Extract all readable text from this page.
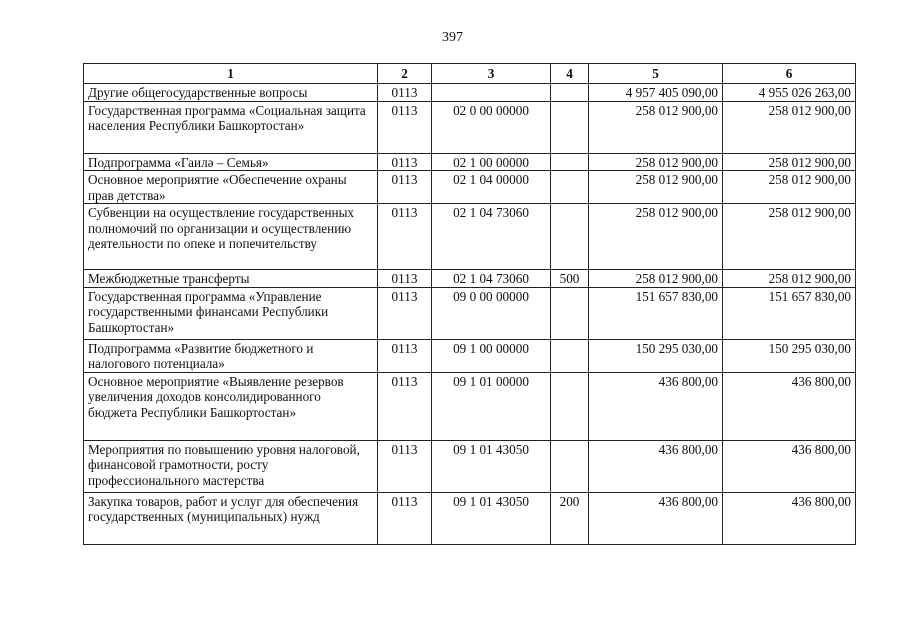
397
1	2	3	4	5	6
Другие общегосударственные вопросы	0113			4 957 405 090,00	4 955 026 263,00
Государственная программа «Социальная защита населения Республики Башкортостан»	0113	02 0 00 00000		258 012 900,00	258 012 900,00
Подпрограмма «Гаилә – Семья»	0113	02 1 00 00000		258 012 900,00	258 012 900,00
Основное мероприятие «Обеспечение охраны прав детства»	0113	02 1 04 00000		258 012 900,00	258 012 900,00
Субвенции на осуществление государственных полномочий по организации и осуществлению деятельности по опеке и попечительству	0113	02 1 04 73060		258 012 900,00	258 012 900,00
Межбюджетные трансферты	0113	02 1 04 73060	500	258 012 900,00	258 012 900,00
Государственная программа «Управление государственными финансами Республики Башкортостан»	0113	09 0 00 00000		151 657 830,00	151 657 830,00
Подпрограмма «Развитие бюджетного и налогового потенциала»	0113	09 1 00 00000		150 295 030,00	150 295 030,00
Основное мероприятие «Выявление резервов увеличения доходов консолидированного бюджета Республики Башкортостан»	0113	09 1 01 00000		436 800,00	436 800,00
Мероприятия по повышению уровня налоговой, финансовой грамотности, росту профессионального мастерства	0113	09 1 01 43050		436 800,00	436 800,00
Закупка товаров, работ и услуг для обеспечения государственных (муниципальных) нужд	0113	09 1 01 43050	200	436 800,00	436 800,00
